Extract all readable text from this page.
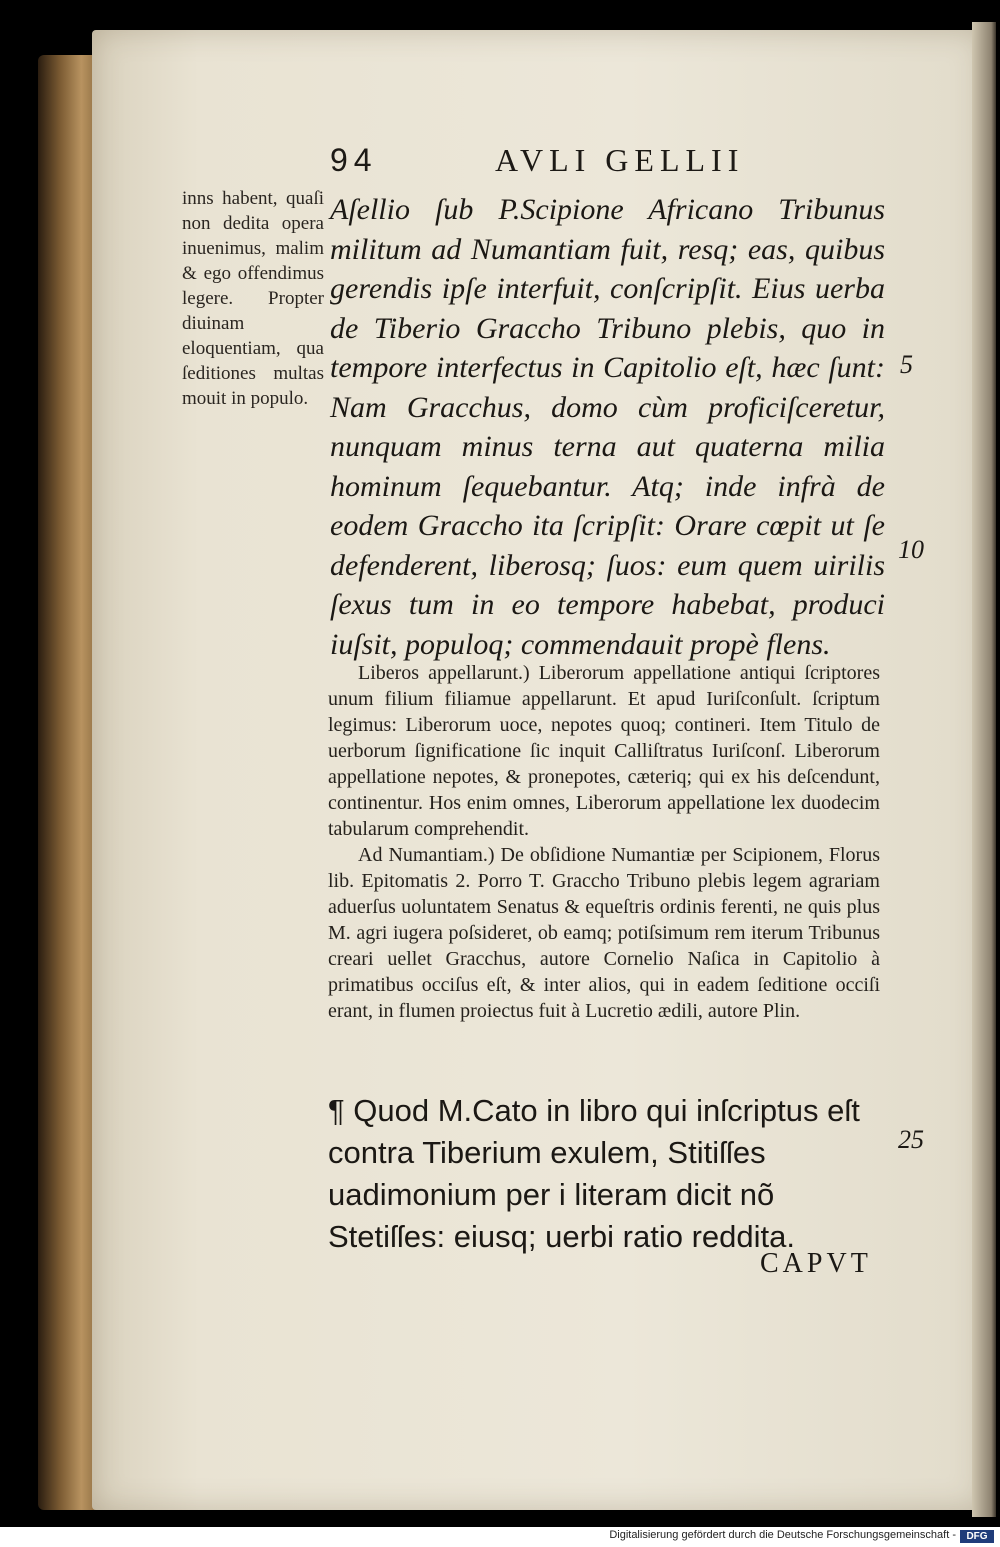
94	AVLI GELLII
inns habent, quaſi non dedita opera inuenimus, malim & ego offendimus legere. Propter diuinam eloquentiam, qua ſeditiones multas mouit in populo.
Aſellio ſub P.Scipione Africano Tribunus militum ad Numantiam fuit, resq; eas, quibus gerendis ipſe interfuit, conſcripſit. Eius uerba de Tiberio Graccho Tribuno plebis, quo in tempore interfectus in Capitolio eſt, hæc ſunt: Nam Gracchus, domo cùm proficiſceretur, nunquam minus terna aut quaterna milia hominum ſequebantur. Atq; inde infrà de eodem Graccho ita ſcripſit: Orare cœpit ut ſe defenderent, liberosq; ſuos: eum quem uirilis ſexus tum in eo tempore habebat, produci iuſsit, populoq; commendauit propè flens.
5
10
25

Liberos appellarunt.) Liberorum appellatione antiqui ſcriptores unum filium filiamue appellarunt. Et apud Iuriſconſult. ſcriptum legimus: Liberorum uoce, nepotes quoq; contineri. Item Titulo de uerborum ſignificatione ſic inquit Calliſtratus Iuriſconſ. Liberorum appellatione nepotes, & pronepotes, cæteriq; qui ex his deſcendunt, continentur. Hos enim omnes, Liberorum appellatione lex duodecim tabularum comprehendit.

Ad Numantiam.) De obſidione Numantiæ per Scipionem, Florus lib. Epitomatis 2. Porro T. Graccho Tribuno plebis legem agrariam aduerſus uoluntatem Senatus & equeſtris ordinis ferenti, ne quis plus M. agri iugera poſsideret, ob eamq; potiſsimum rem iterum Tribunus creari uellet Gracchus, autore Cornelio Naſica in Capitolio à primatibus occiſus eſt, & inter alios, qui in eadem ſeditione occiſi erant, in flumen proiectus fuit à Lucretio ædili, autore Plin.

¶ Quod M.Cato in libro qui inſcriptus eſt contra Tiberium exulem, Stitiſſes uadimonium per i literam dicit nõ Stetiſſes: eiusq; uerbi ratio reddita.
CAPVT
Digitalisierung gefördert durch die Deutsche Forschungsgemeinschaft -	DFG
